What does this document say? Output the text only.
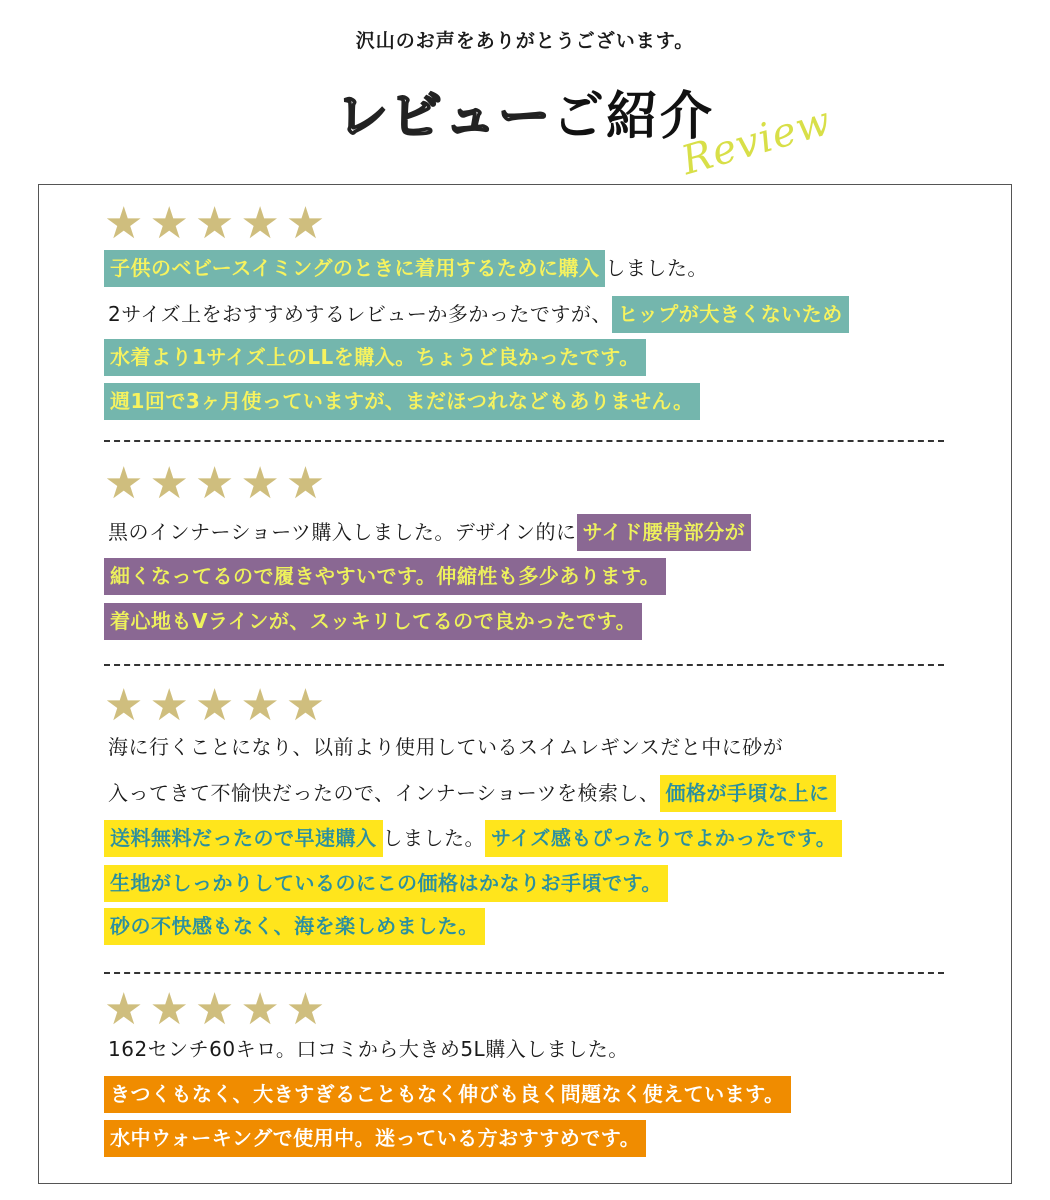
沢山のお声をありがとうございます。
レビューご紹介
Review
★★★★★
子供のベビースイミングのときに着用するために購入 しました。
2サイズ上をおすすめするレビューか多かったですが、 ヒップが大きくないため
水着より1サイズ上のLLを購入。ちょうど良かったです。
週1回で3ヶ月使っていますが、まだほつれなどもありません。
★★★★★
黒のインナーショーツ購入しました。デザイン的に サイド腰骨部分が
細くなってるので履きやすいです。伸縮性も多少あります。
着心地もVラインが、スッキリしてるので良かったです。
★★★★★
海に行くことになり、以前より使用しているスイムレギンスだと中に砂が
入ってきて不愉快だったので、インナーショーツを検索し、 価格が手頃な上に
送料無料だったので早速購入 しました。 サイズ感もぴったりでよかったです。
生地がしっかりしているのにこの価格はかなりお手頃です。
砂の不快感もなく、海を楽しめました。
★★★★★
162センチ60キロ。口コミから大きめ5L購入しました。
きつくもなく、大きすぎることもなく伸びも良く問題なく使えています。
水中ウォーキングで使用中。迷っている方おすすめです。
